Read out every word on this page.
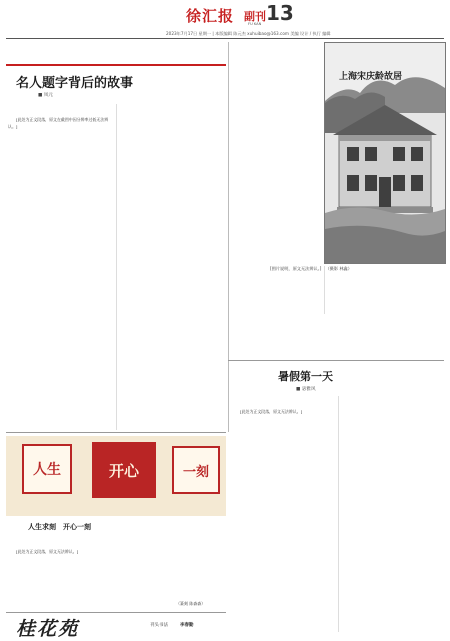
徐汇报 副刊
FU KAN 13
2023年7月17日 星期一 | 本版编辑 陈元杰 xuhuibao@163.com 美编 设计 / 执行 编辑
名人题字背后的故事
■ 凤元

[此处为正文段落，原文在截图中因分辨率过低无法辨认。]

上海宋庆龄故居
[图片说明，原文无法辨认。] （摄影 林鑫）
暑假第一天
■ 宓雅风

[此处为正文段落，原文无法辨认。]

人生	开心	一刻
人生求刻　开心一刻

[此处为正文段落，原文无法辨认。]

（篆刻 陈森森）
桂花苑	刊头书法	李春勤
